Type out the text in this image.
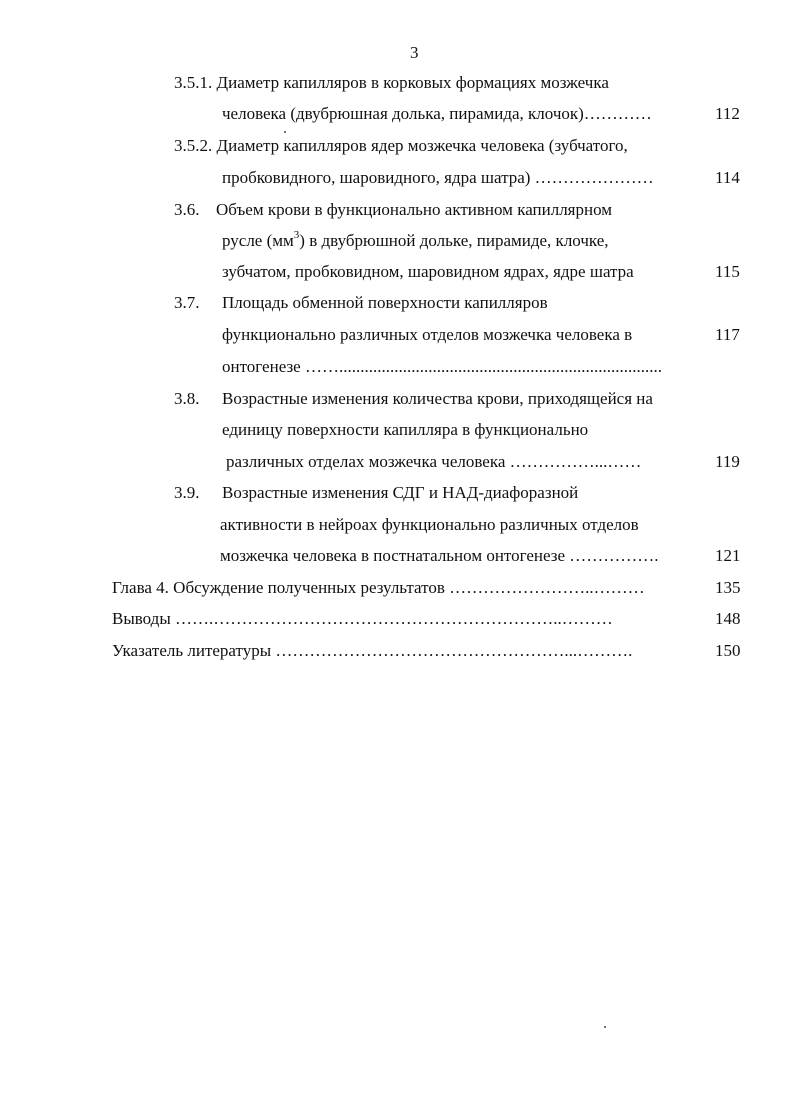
3
3.5.1. Диаметр капилляров в корковых формациях мозжечка
человека (двубрюшная долька, пирамида, клочок)…………	112
3.5.2. Диаметр капилляров ядер мозжечка человека (зубчатого,
пробковидного, шаровидного, ядра шатра) …………………	114
3.6. Объем крови в функционально активном капиллярном
русле $(мм^3)$ в двубрюшной дольке, пирамиде, клочке,
зубчатом, пробковидном, шаровидном ядрах, ядре шатра	115
3.7. Площадь обменной поверхности капилляров
функционально различных отделов мозжечка человека в	117
онтогенезе ……............................................................................
3.8. Возрастные изменения количества крови, приходящейся на
единицу поверхности капилляра в функционально
различных отделах мозжечка человека ……………...……	119
3.9. Возрастные изменения СДГ и НАД-диафоразной
активности в нейроах функционально различных отделов
мозжечка человека в постнатальном онтогенезе …………….	121
Глава 4. Обсуждение полученных результатов ……………………..………	135
Выводы …….……………………………………………………..………	148
Указатель литературы ……………………………………………...……….	150
